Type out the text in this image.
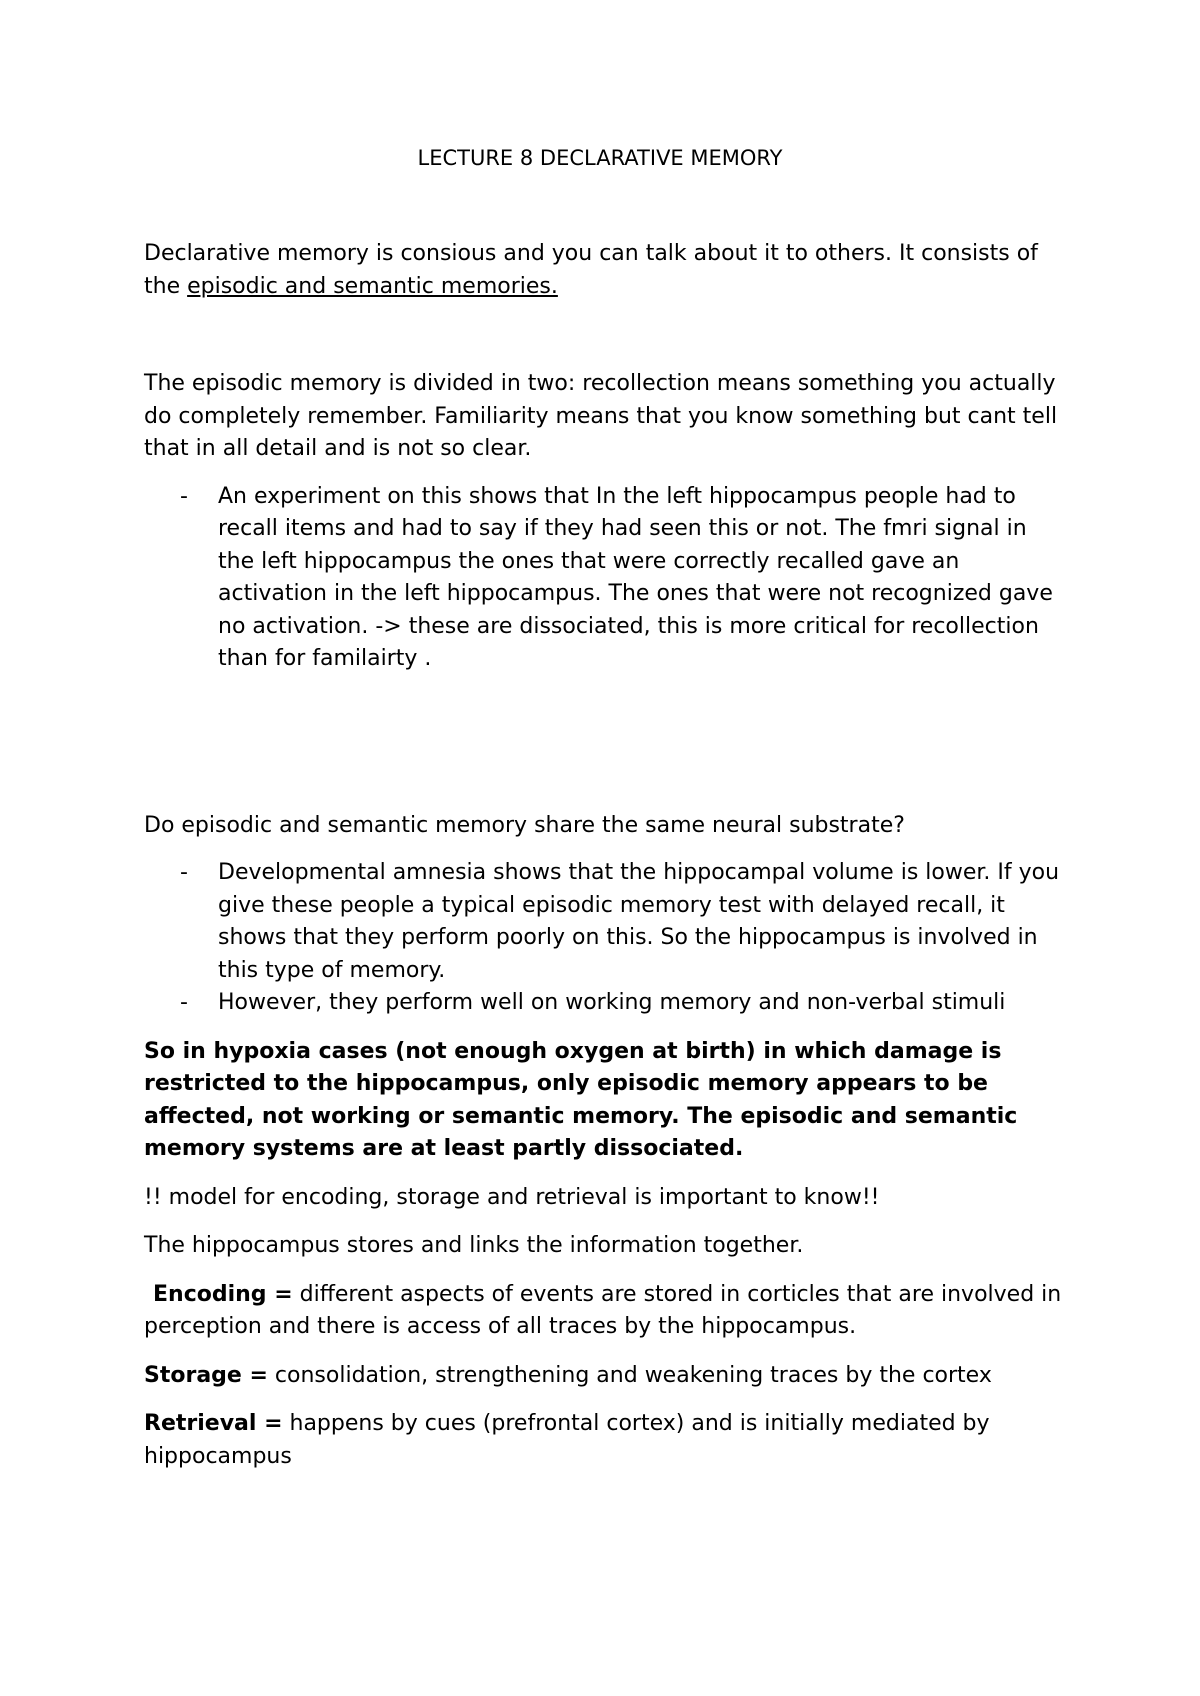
LECTURE 8 DECLARATIVE MEMORY

Declarative memory is consious and you can talk about it to others. It consists of the episodic and semantic memories.

The episodic memory is divided in two: recollection means something you actually do completely remember. Familiarity means that you know something but cant tell that in all detail and is not so clear.

- An experiment on this shows that In the left hippocampus people had to recall items and had to say if they had seen this or not. The fmri signal in the left hippocampus the ones that were correctly recalled gave an activation in the left hippocampus. The ones that were not recognized gave no activation. -> these are dissociated, this is more critical for recollection than for familairty .

Do episodic and semantic memory share the same neural substrate?

- Developmental amnesia shows that the hippocampal volume is lower. If you give these people a typical episodic memory test with delayed recall, it shows that they perform poorly on this. So the hippocampus is involved in this type of memory.
- However, they perform well on working memory and non-verbal stimuli

So in hypoxia cases (not enough oxygen at birth) in which damage is restricted to the hippocampus, only episodic memory appears to be affected, not working or semantic memory. The episodic and semantic memory systems are at least partly dissociated.

!! model for encoding, storage and retrieval is important to know!!

The hippocampus stores and links the information together.

Encoding = different aspects of events are stored in corticles that are involved in perception and there is access of all traces by the hippocampus.

Storage = consolidation, strengthening and weakening traces by the cortex

Retrieval = happens by cues (prefrontal cortex) and is initially mediated by hippocampus
